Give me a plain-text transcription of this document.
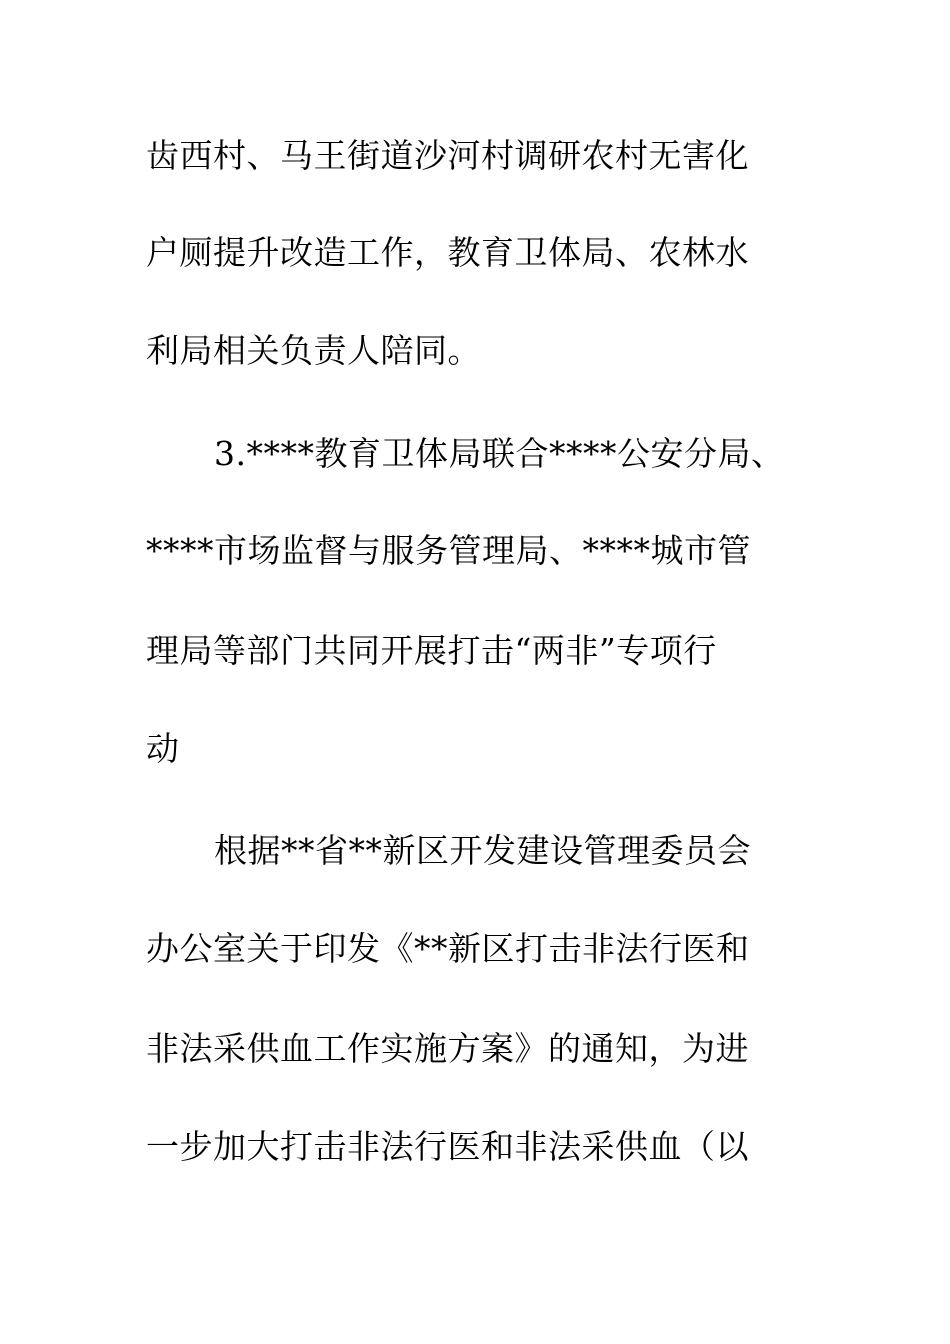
齿西村、马王街道沙河村调研农村无害化
户厕提升改造工作，教育卫体局、农林水
利局相关负责人陪同。
3.****教育卫体局联合****公安分局、
****市场监督与服务管理局、****城市管
理局等部门共同开展打击“两非”专项行
动
根据**省**新区开发建设管理委员会
办公室关于印发《**新区打击非法行医和
非法采供血工作实施方案》的通知，为进
一步加大打击非法行医和非法采供血（以
